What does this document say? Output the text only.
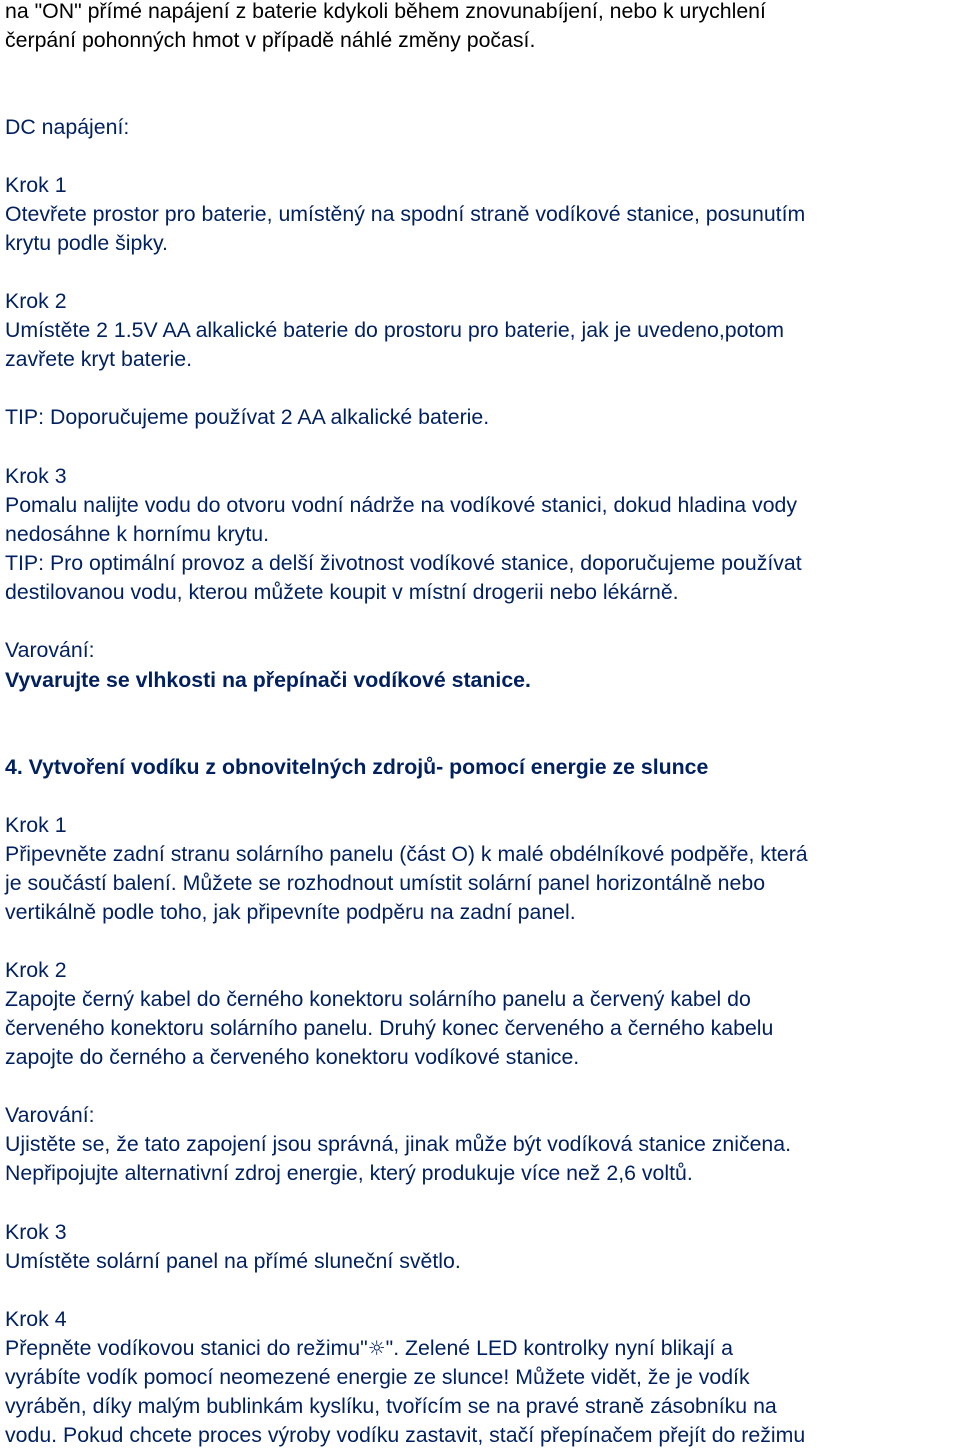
na "ON" přímé napájení z baterie kdykoli během znovunabíjení, nebo k urychlení
čerpání pohonných hmot v případě náhlé změny počasí.
DC napájení:
Krok 1
Otevřete prostor pro baterie, umístěný na spodní straně vodíkové stanice, posunutím
krytu podle šipky.
Krok 2
Umístěte 2 1.5V AA alkalické baterie do prostoru pro baterie, jak je uvedeno,potom
zavřete kryt baterie.
TIP: Doporučujeme používat 2 AA alkalické baterie.
Krok 3
Pomalu nalijte vodu do otvoru vodní nádrže na vodíkové stanici, dokud hladina vody
nedosáhne k hornímu krytu.
TIP: Pro optimální provoz a delší životnost vodíkové stanice, doporučujeme používat
destilovanou vodu, kterou můžete koupit v místní drogerii nebo lékárně.
Varování:
Vyvarujte se vlhkosti na přepínači vodíkové stanice.
4. Vytvoření vodíku z obnovitelných zdrojů- pomocí energie ze slunce
Krok 1
Připevněte zadní stranu solárního panelu (část O) k malé obdélníkové podpěře, která
je součástí balení. Můžete se rozhodnout umístit solární panel horizontálně nebo
vertikálně podle toho, jak připevníte podpěru na zadní panel.
Krok 2
Zapojte černý kabel do černého konektoru solárního panelu a červený kabel do
červeného konektoru solárního panelu. Druhý konec červeného a černého kabelu
zapojte do černého a červeného konektoru vodíkové stanice.
Varování:
Ujistěte se, že tato zapojení jsou správná, jinak může být vodíková stanice zničena.
Nepřipojujte alternativní zdroj energie, který produkuje více než 2,6 voltů.
Krok 3
Umístěte solární panel na přímé sluneční světlo.
Krok 4
Přepněte vodíkovou stanici do režimu"☼". Zelené LED kontrolky nyní blikají a
vyrábíte vodík pomocí neomezené energie ze slunce! Můžete vidět, že je vodík
vyráběn, díky malým bublinkám kyslíku, tvořícím se na pravé straně zásobníku na
vodu. Pokud chcete proces výroby vodíku zastavit, stačí přepínačem přejít do režimu
